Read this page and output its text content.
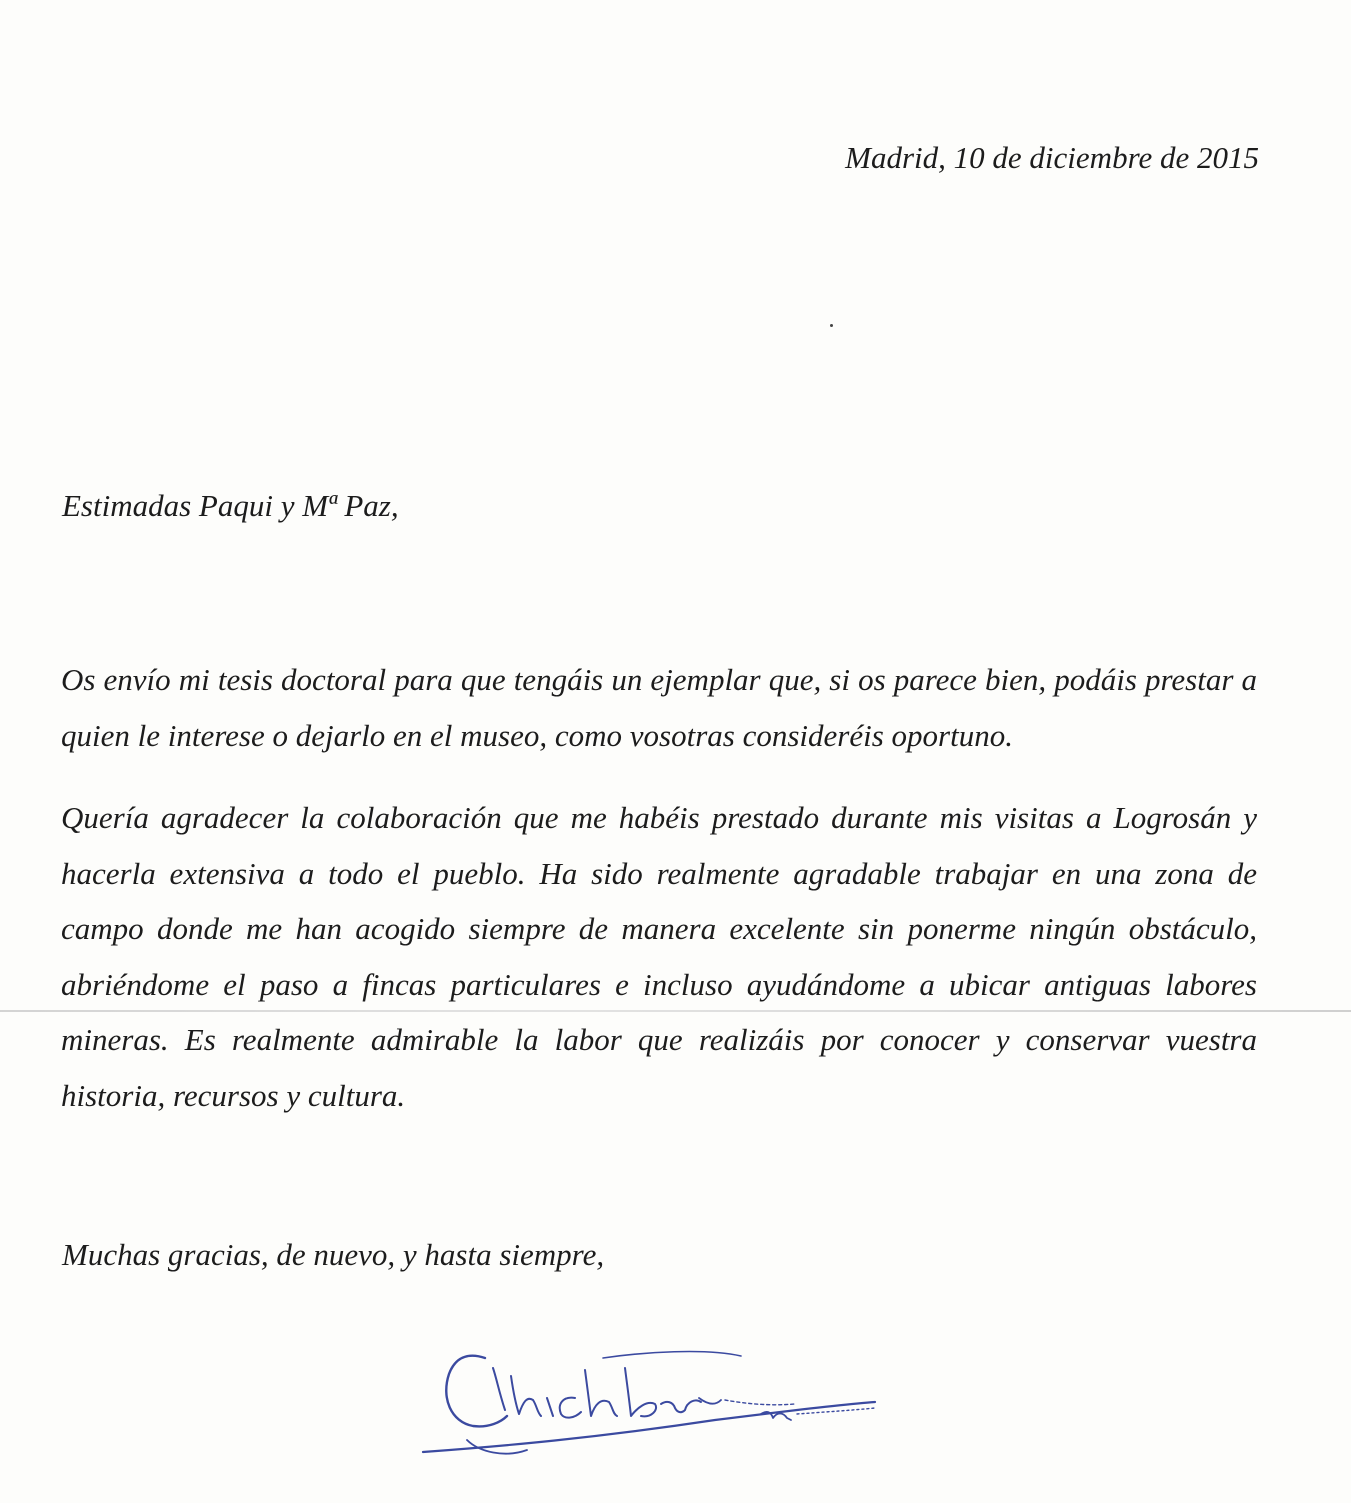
Madrid, 10 de diciembre de 2015
Estimadas Paqui y Mª Paz,
Os envío mi tesis doctoral para que tengáis un ejemplar que, si os parece bien, podáis prestar a quien le interese o dejarlo en el museo, como vosotras consideréis oportuno.
Quería agradecer la colaboración que me habéis prestado durante mis visitas a Logrosán y hacerla extensiva a todo el pueblo. Ha sido realmente agradable trabajar en una zona de campo donde me han acogido siempre de manera excelente sin ponerme ningún obstáculo, abriéndome el paso a fincas particulares e incluso ayudándome a ubicar antiguas labores mineras. Es realmente admirable la labor que realizáis por conocer y conservar vuestra historia, recursos y cultura.
Muchas gracias, de nuevo, y hasta siempre,
